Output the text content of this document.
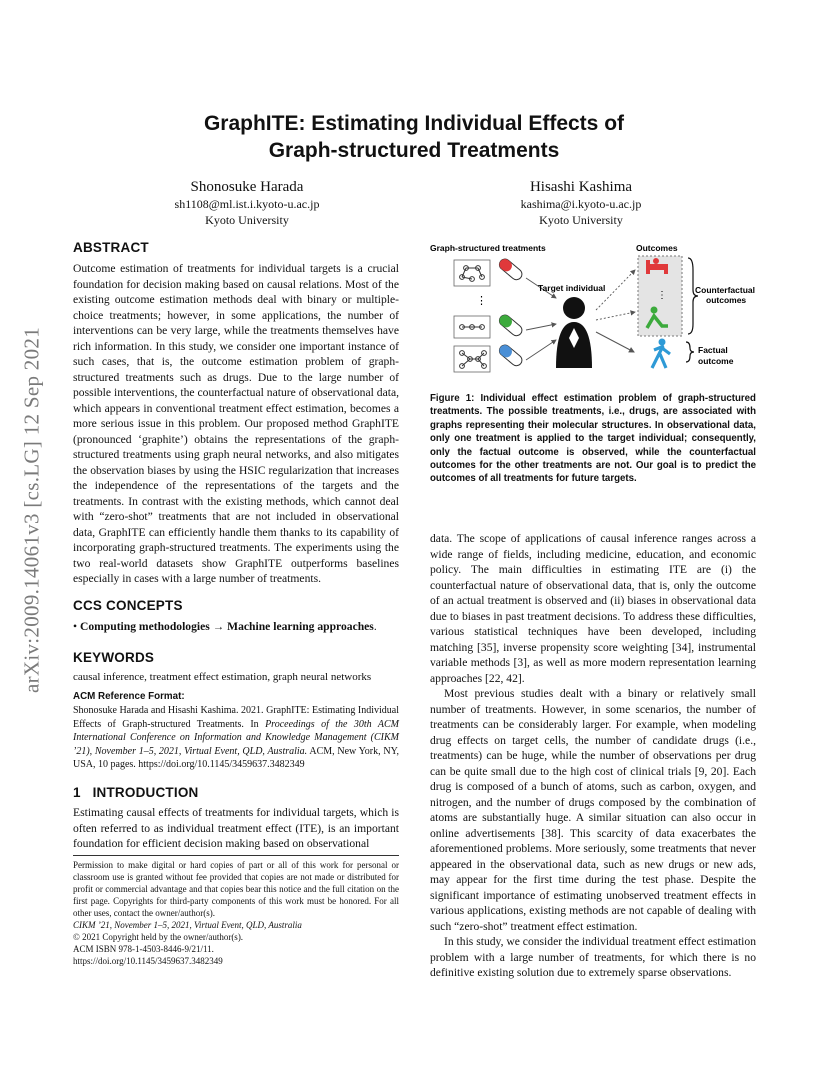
arXiv:2009.14061v3 [cs.LG] 12 Sep 2021
GraphITE: Estimating Individual Effects of
Graph-structured Treatments
Shonosuke Harada
sh1108@ml.ist.i.kyoto-u.ac.jp
Kyoto University
Hisashi Kashima
kashima@i.kyoto-u.ac.jp
Kyoto University
ABSTRACT
Outcome estimation of treatments for individual targets is a crucial foundation for decision making based on causal relations. Most of the existing outcome estimation methods deal with binary or multiple-choice treatments; however, in some applications, the number of interventions can be very large, while the treatments themselves have rich information. In this study, we consider one important instance of such cases, that is, the outcome estimation problem of graph-structured treatments such as drugs. Due to the large number of possible interventions, the counterfactual nature of observational data, which appears in conventional treatment effect estimation, becomes a more serious issue in this problem. Our proposed method GraphITE (pronounced ‘graphite’) obtains the representations of the graph-structured treatments using graph neural networks, and also mitigates the observation biases by using the HSIC regularization that increases the independence of the representations of the targets and the treatments. In contrast with the existing methods, which cannot deal with “zero-shot” treatments that are not included in observational data, GraphITE can efficiently handle them thanks to its capability of incorporating graph-structured treatments. The experiments using the two real-world datasets show GraphITE outperforms baselines especially in cases with a large number of treatments.
CCS CONCEPTS
• Computing methodologies → Machine learning approaches.
KEYWORDS
causal inference, treatment effect estimation, graph neural networks
ACM Reference Format:
Shonosuke Harada and Hisashi Kashima. 2021. GraphITE: Estimating Individual Effects of Graph-structured Treatments. In Proceedings of the 30th ACM International Conference on Information and Knowledge Management (CIKM ’21), November 1–5, 2021, Virtual Event, QLD, Australia. ACM, New York, NY, USA, 10 pages. https://doi.org/10.1145/3459637.3482349
1 INTRODUCTION
Estimating causal effects of treatments for individual targets, which is often referred to as individual treatment effect (ITE), is an important foundation for efficient decision making based on observational
Permission to make digital or hard copies of part or all of this work for personal or classroom use is granted without fee provided that copies are not made or distributed for profit or commercial advantage and that copies bear this notice and the full citation on the first page. Copyrights for third-party components of this work must be honored. For all other uses, contact the owner/author(s).
CIKM ’21, November 1–5, 2021, Virtual Event, QLD, Australia
© 2021 Copyright held by the owner/author(s).
ACM ISBN 978-1-4503-8446-9/21/11.
https://doi.org/10.1145/3459637.3482349
Graph-structured treatments	Outcomes
⋮
Target individual
⋮	Counterfactual
outcomes
Factual
outcome
Figure 1: Individual effect estimation problem of graph-structured treatments. The possible treatments, i.e., drugs, are associated with graphs representing their molecular structures. In observational data, only one treatment is applied to the target individual; consequently, only the factual outcome is observed, while the counterfactual outcomes for the other treatments are not. Our goal is to predict the outcomes of all treatments for future targets.

data. The scope of applications of causal inference ranges across a wide range of fields, including medicine, education, and economic policy. The main difficulties in estimating ITE are (i) the counterfactual nature of observational data, that is, only the outcome of an actual treatment is observed and (ii) biases in observational data due to biases in past treatment decisions. To address these difficulties, various statistical techniques have been developed, including matching [35], inverse propensity score weighting [34], instrumental variable methods [3], as well as more modern representation learning approaches [22, 42].

Most previous studies dealt with a binary or relatively small number of treatments. However, in some scenarios, the number of treatments can be considerably larger. For example, when modeling drug effects on target cells, the number of candidate drugs (i.e., treatments) can be huge, while the number of observations per drug can be quite small due to the high cost of clinical trials [9, 20]. Each drug is composed of a bunch of atoms, such as carbon, oxygen, and nitrogen, and the number of drugs composed by the combination of atoms are substantially huge. A similar situation can also occur in online advertisements [38]. This scarcity of data exacerbates the aforementioned problems. More seriously, some treatments that never appeared in the observational data, such as new drugs or new ads, may appear for the first time during the test phase. Despite the significant importance of estimating unobserved treatment effects in various applications, existing methods are not capable of dealing with such “zero-shot” treatment effect estimation.

In this study, we consider the individual treatment effect estimation problem with a large number of treatments, for which there is no definitive existing solution due to extremely sparse observations.
